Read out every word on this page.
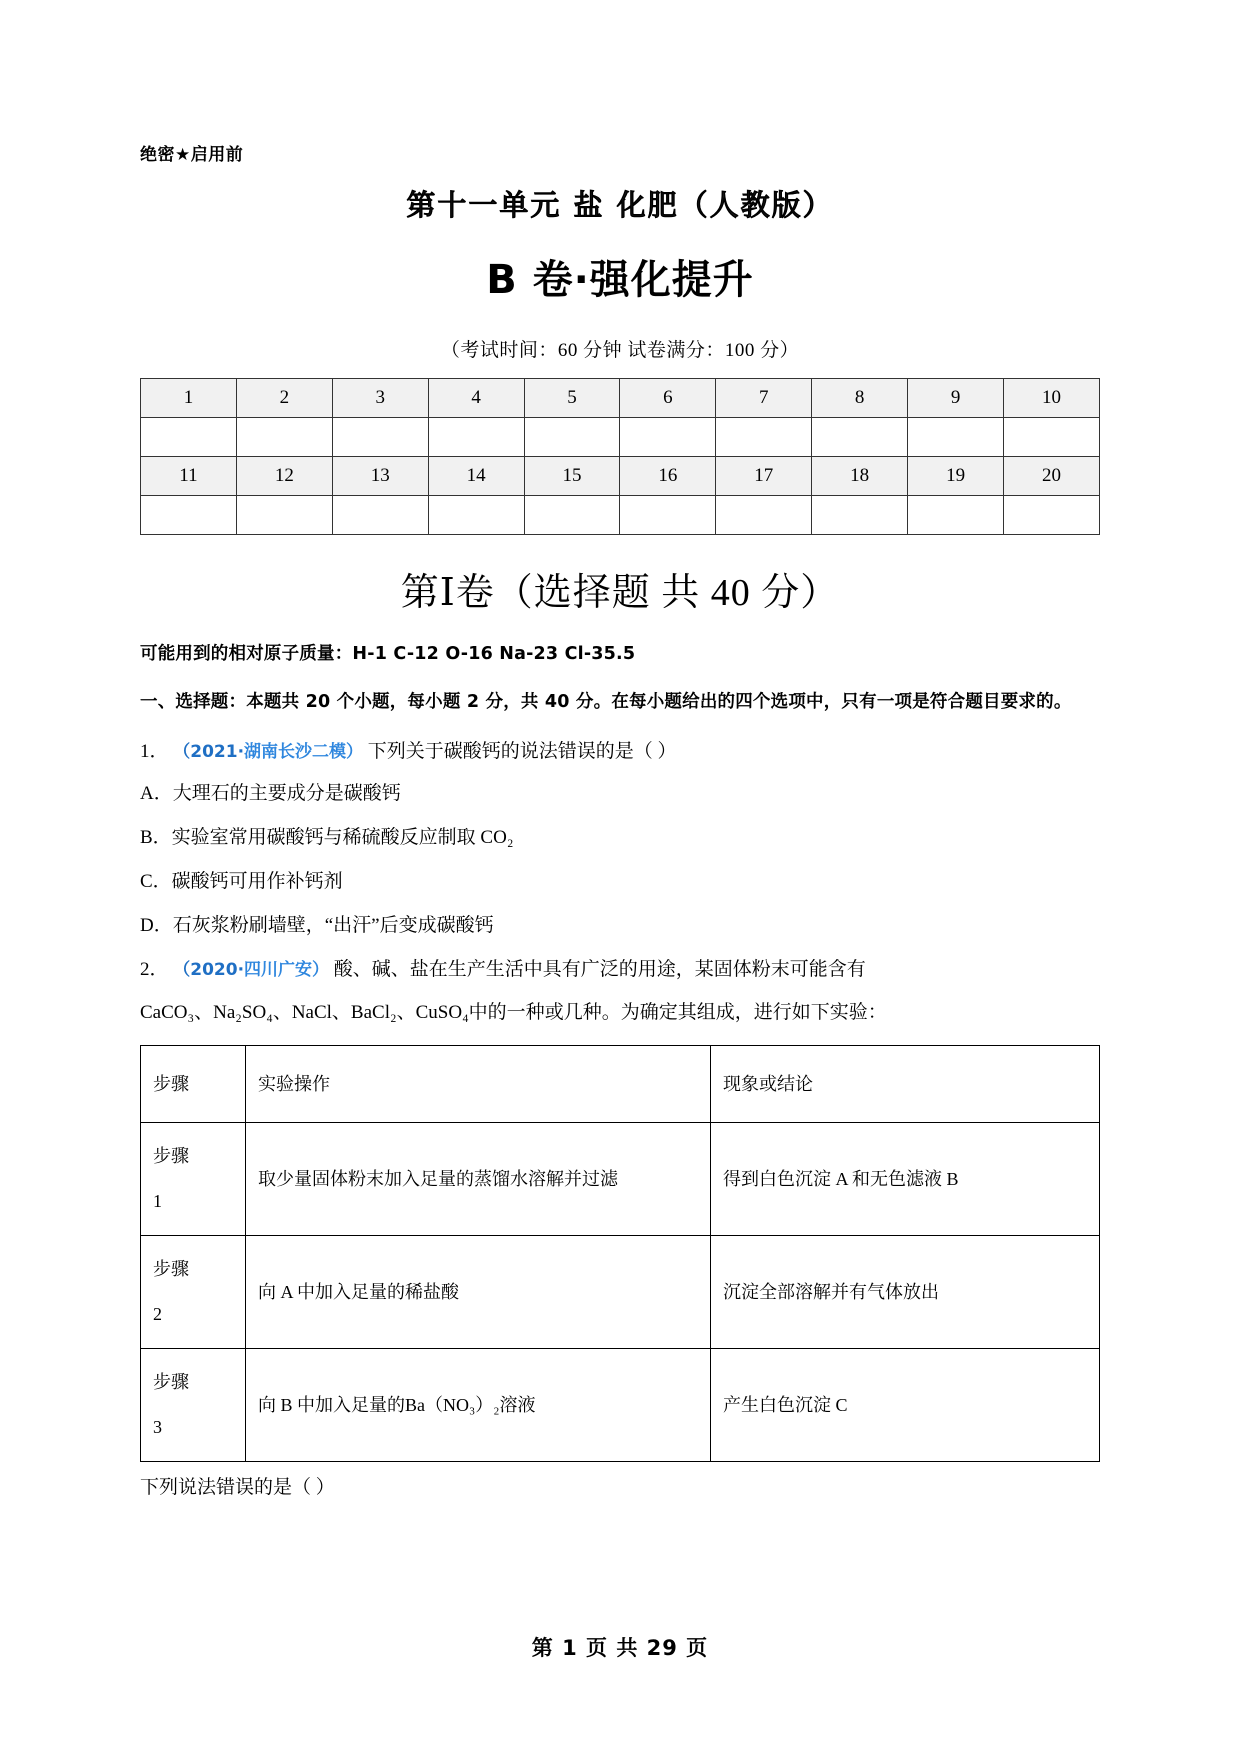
绝密★启用前
第十一单元 盐 化肥（人教版）
B 卷·强化提升
（考试时间：60 分钟 试卷满分：100 分）
1	2	3	4	5	6	7	8	9	10

11	12	13	14	15	16	17	18	19	20

第Ⅰ卷（选择题 共 40 分）
可能用到的相对原子质量：H-1 C-12 O-16 Na-23 Cl-35.5
一、选择题：本题共 20 个小题，每小题 2 分，共 40 分。在每小题给出的四个选项中，只有一项是符合题目要求的。
1． （2021·湖南长沙二模） 下列关于碳酸钙的说法错误的是（ ）
A．大理石的主要成分是碳酸钙
B．实验室常用碳酸钙与稀硫酸反应制取 CO₂
C．碳酸钙可用作补钙剂
D．石灰浆粉刷墙壁，“出汗”后变成碳酸钙
2． （2020·四川广安） 酸、碱、盐在生产生活中具有广泛的用途，某固体粉末可能含有
CaCO₃、Na₂SO₄、NaCl、BaCl₂、CuSO₄中的一种或几种。为确定其组成，进行如下实验：
步骤	实验操作	现象或结论

步骤
1	取少量固体粉末加入足量的蒸馏水溶解并过滤	得到白色沉淀 A 和无色滤液 B

步骤
2	向 A 中加入足量的稀盐酸	沉淀全部溶解并有气体放出

步骤
3	向 B 中加入足量的Ba（NO₃）₂溶液	产生白色沉淀 C
下列说法错误的是（ ）
第 1 页 共 29 页
